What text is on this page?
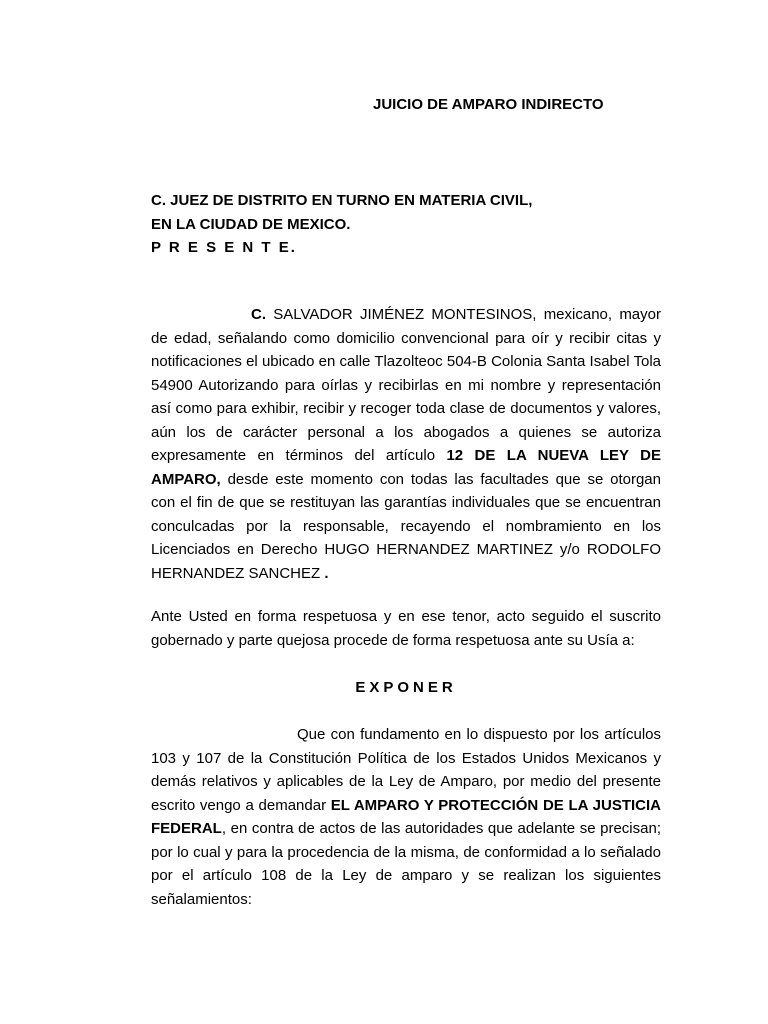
JUICIO DE AMPARO INDIRECTO
C. JUEZ DE DISTRITO EN TURNO EN MATERIA CIVIL,
EN LA CIUDAD DE MEXICO.
P R E S E N T E.

C. SALVADOR JIMÉNEZ MONTESINOS, mexicano, mayor de edad, señalando como domicilio convencional para oír y recibir citas y notificaciones el ubicado en calle Tlazolteoc 504-B Colonia Santa Isabel Tola 54900 Autorizando para oírlas y recibirlas en mi nombre y representación así como para exhibir, recibir y recoger toda clase de documentos y valores, aún los de carácter personal a los abogados a quienes se autoriza expresamente en términos del artículo 12 DE LA NUEVA LEY DE AMPARO, desde este momento con todas las facultades que se otorgan con el fin de que se restituyan las garantías individuales que se encuentran conculcadas por la responsable, recayendo el nombramiento en los Licenciados en Derecho HUGO HERNANDEZ MARTINEZ y/o RODOLFO HERNANDEZ SANCHEZ .

Ante Usted en forma respetuosa y en ese tenor, acto seguido el suscrito gobernado y parte quejosa procede de forma respetuosa ante su Usía a:

EXPONER

Que con fundamento en lo dispuesto por los artículos 103 y 107 de la Constitución Política de los Estados Unidos Mexicanos y demás relativos y aplicables de la Ley de Amparo, por medio del presente escrito vengo a demandar EL AMPARO Y PROTECCIÓN DE LA JUSTICIA FEDERAL, en contra de actos de las autoridades que adelante se precisan; por lo cual y para la procedencia de la misma, de conformidad a lo señalado por el artículo 108 de la Ley de amparo y se realizan los siguientes señalamientos:
